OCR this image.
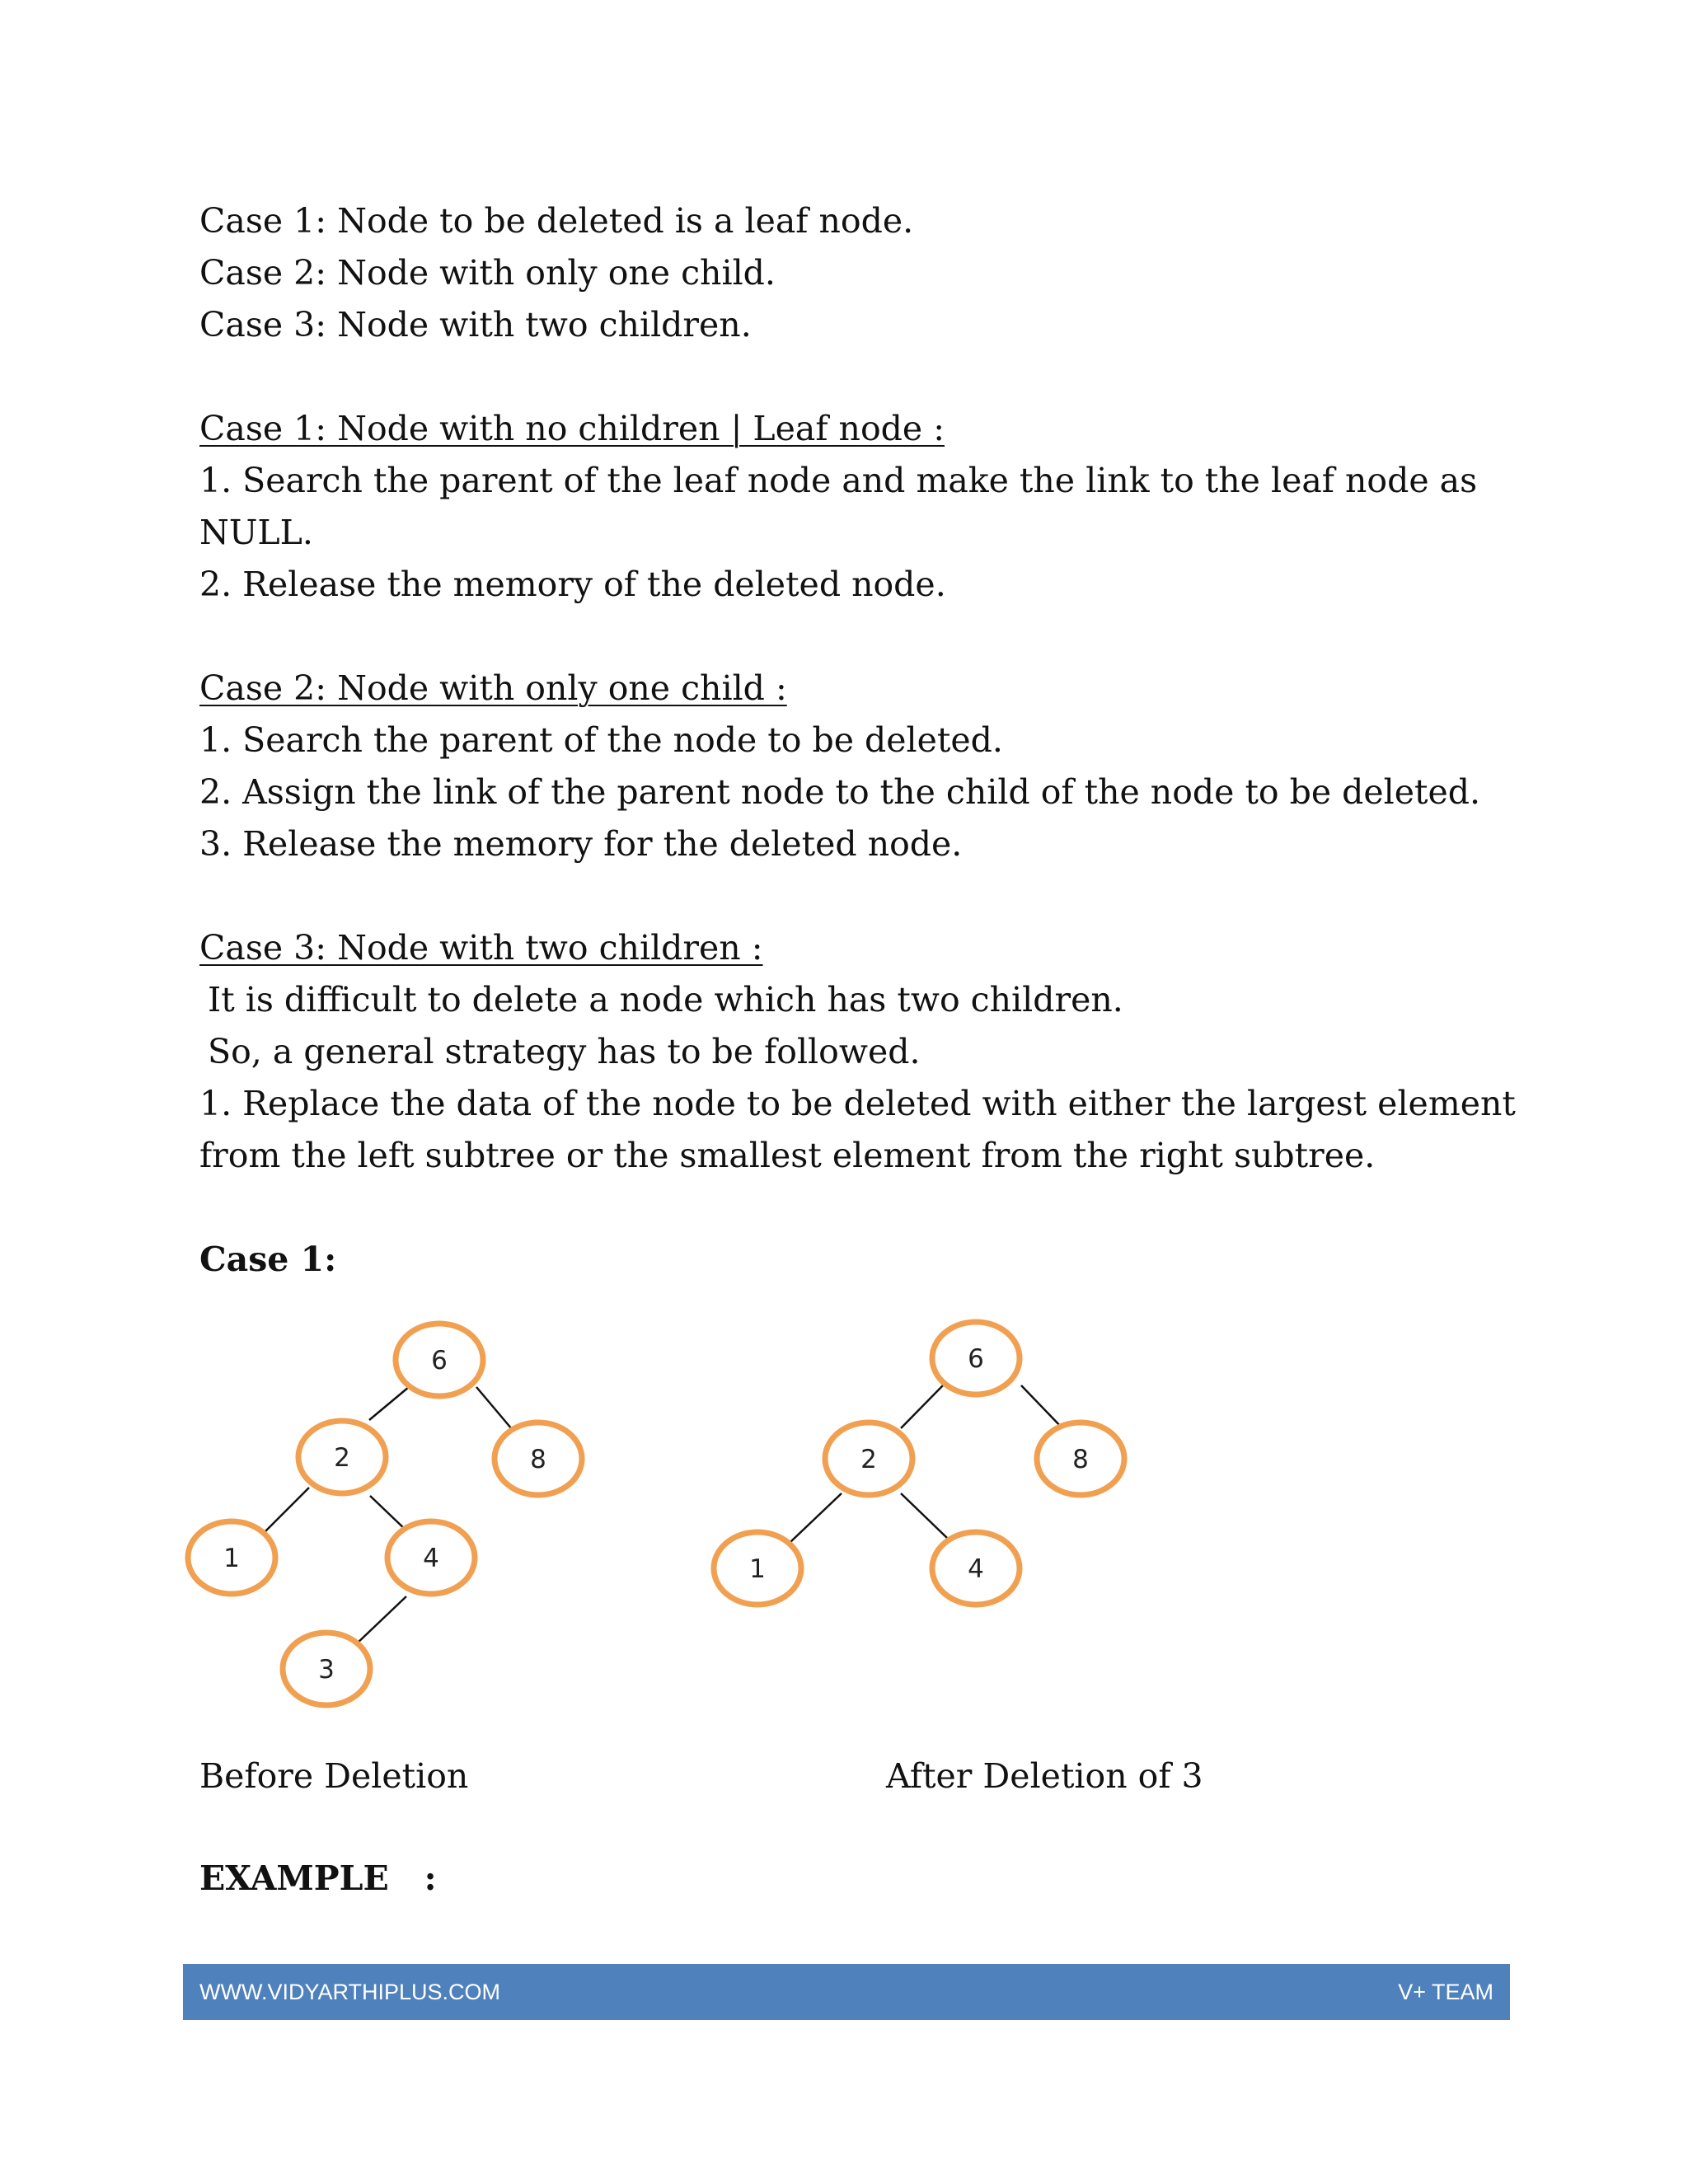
Case 1: Node to be deleted is a leaf node.

Case 2: Node with only one child.

Case 3: Node with two children.

Case 1: Node with no children | Leaf node :

1. Search the parent of the leaf node and make the link to the leaf node as

NULL.

2. Release the memory of the deleted node.

Case 2: Node with only one child :

1. Search the parent of the node to be deleted.

2. Assign the link of the parent node to the child of the node to be deleted.

3. Release the memory for the deleted node.

Case 3: Node with two children :

It is difficult to delete a node which has two children.

So, a general strategy has to be followed.

1. Replace the data of the node to be deleted with either the largest element

from the left subtree or the smallest element from the right subtree.

Case 1:

6
2	8
1	4
3
6
2	8
1	4
Before Deletion	After Deletion of 3
EXAMPLE   :
WWW.VIDYARTHIPLUS.COM	V+ TEAM
